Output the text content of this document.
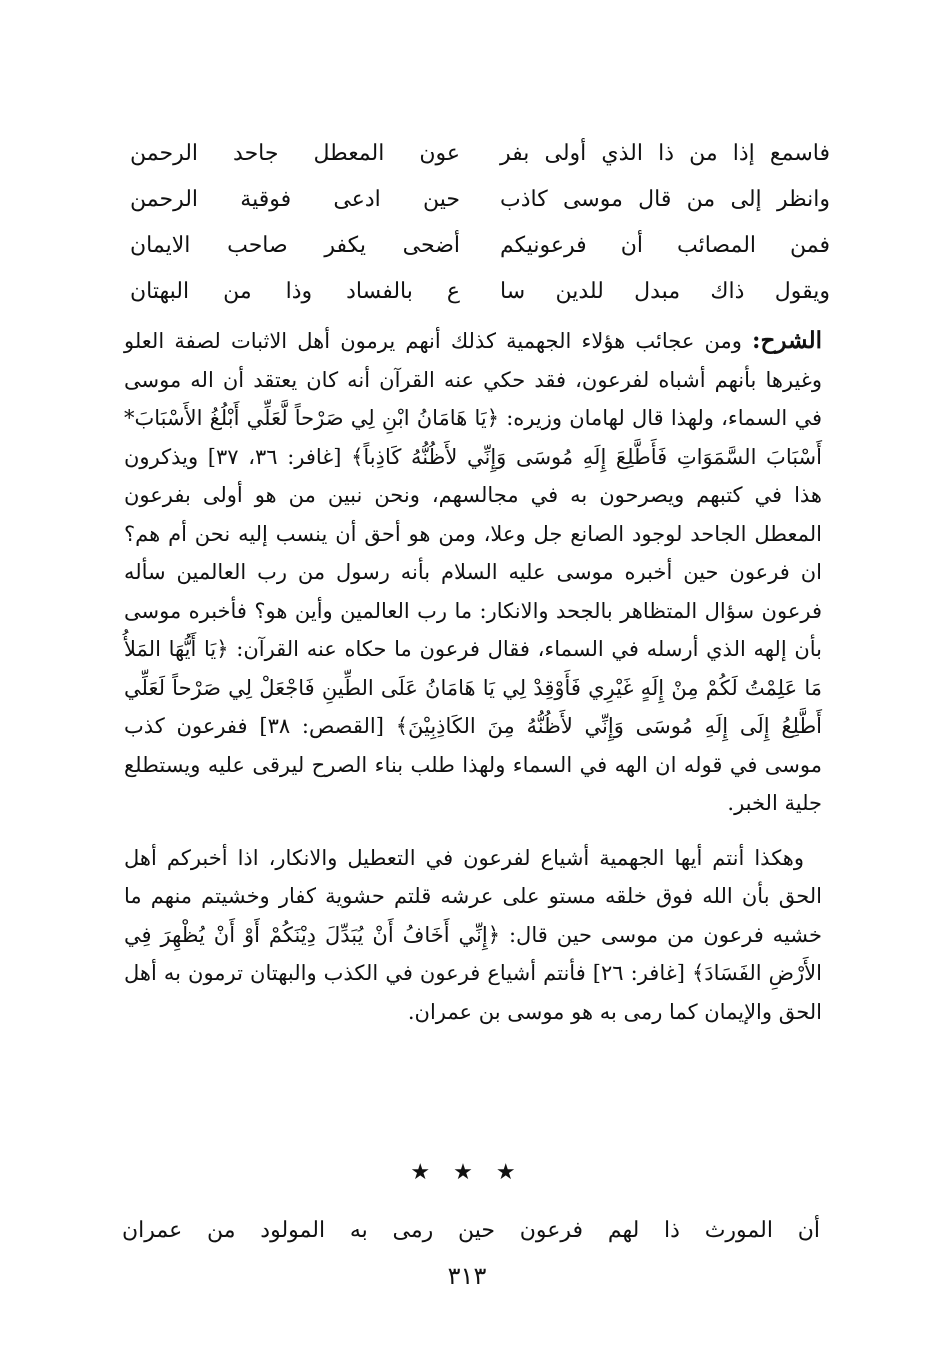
فاسمع إذا من ذا الذي أولى بفر
عون المعطل جاحد الرحمن
وانظر إلى من قال موسى كاذب
حين ادعى فوقية الرحمن
فمن المصائب أن فرعونيكم
أضحى يكفر صاحب الايمان
ويقول ذاك مبدل للدين سا
ع بالفساد وذا من البهتان

الشرح: ومن عجائب هؤلاء الجهمية كذلك أنهم يرمون أهل الاثبات لصفة العلو وغيرها بأنهم أشباه لفرعون، فقد حكي عنه القرآن أنه كان يعتقد أن اله موسى في السماء، ولهذا قال لهامان وزيره: ﴿يَا هَامَانُ ابْنِ لِي صَرْحاً لَّعَلِّي أَبْلُغُ الأَسْبَابَ* أَسْبَابَ السَّمَوَاتِ فَأَطَّلِعَ إِلَهِ مُوسَى وَإِنِّي لأَظُنُّهُ كَاذِباً﴾ [غافر: ٣٦، ٣٧] ويذكرون هذا في كتبهم ويصرحون به في مجالسهم، ونحن نبين من هو أولى بفرعون المعطل الجاحد لوجود الصانع جل وعلا، ومن هو أحق أن ينسب إليه نحن أم هم؟ ان فرعون حين أخبره موسى عليه السلام بأنه رسول من رب العالمين سأله فرعون سؤال المتظاهر بالجحد والانكار: ما رب العالمين وأين هو؟ فأخبره موسى بأن إلهه الذي أرسله في السماء، فقال فرعون ما حكاه عنه القرآن: ﴿يَا أَيُّهَا المَلأُ مَا عَلِمْتُ لَكُمْ مِنْ إِلَهٍ غَيْرِي فَأَوْقِدْ لِي يَا هَامَانُ عَلَى الطِّينِ فَاجْعَلْ لِي صَرْحاً لَعَلِّي أَطَّلِعُ إِلَى إِلَهِ مُوسَى وَإِنِّي لأَظُنُّهُ مِنَ الكَاذِبِيْنَ﴾ [القصص: ٣٨] ففرعون كذب موسى في قوله ان الهه في السماء ولهذا طلب بناء الصرح ليرقى عليه ويستطلع جلية الخبر.

وهكذا أنتم أيها الجهمية أشياع لفرعون في التعطيل والانكار، اذا أخبركم أهل الحق بأن الله فوق خلقه مستو على عرشه قلتم حشوية كفار وخشيتم منهم ما خشيه فرعون من موسى حين قال: ﴿إِنِّي أَخَافُ أَنْ يُبَدِّلَ دِيْنَكُمْ أَوْ أَنْ يُظْهِرَ فِي الأَرْضِ الفَسَادَ﴾ [غافر: ٢٦] فأنتم أشياع فرعون في الكذب والبهتان ترمون به أهل الحق والإيمان كما رمى به هو موسى بن عمران.

★ ★ ★
أن المورث ذا لهم فرعون حين رمى به المولود من عمران
٣١٣
